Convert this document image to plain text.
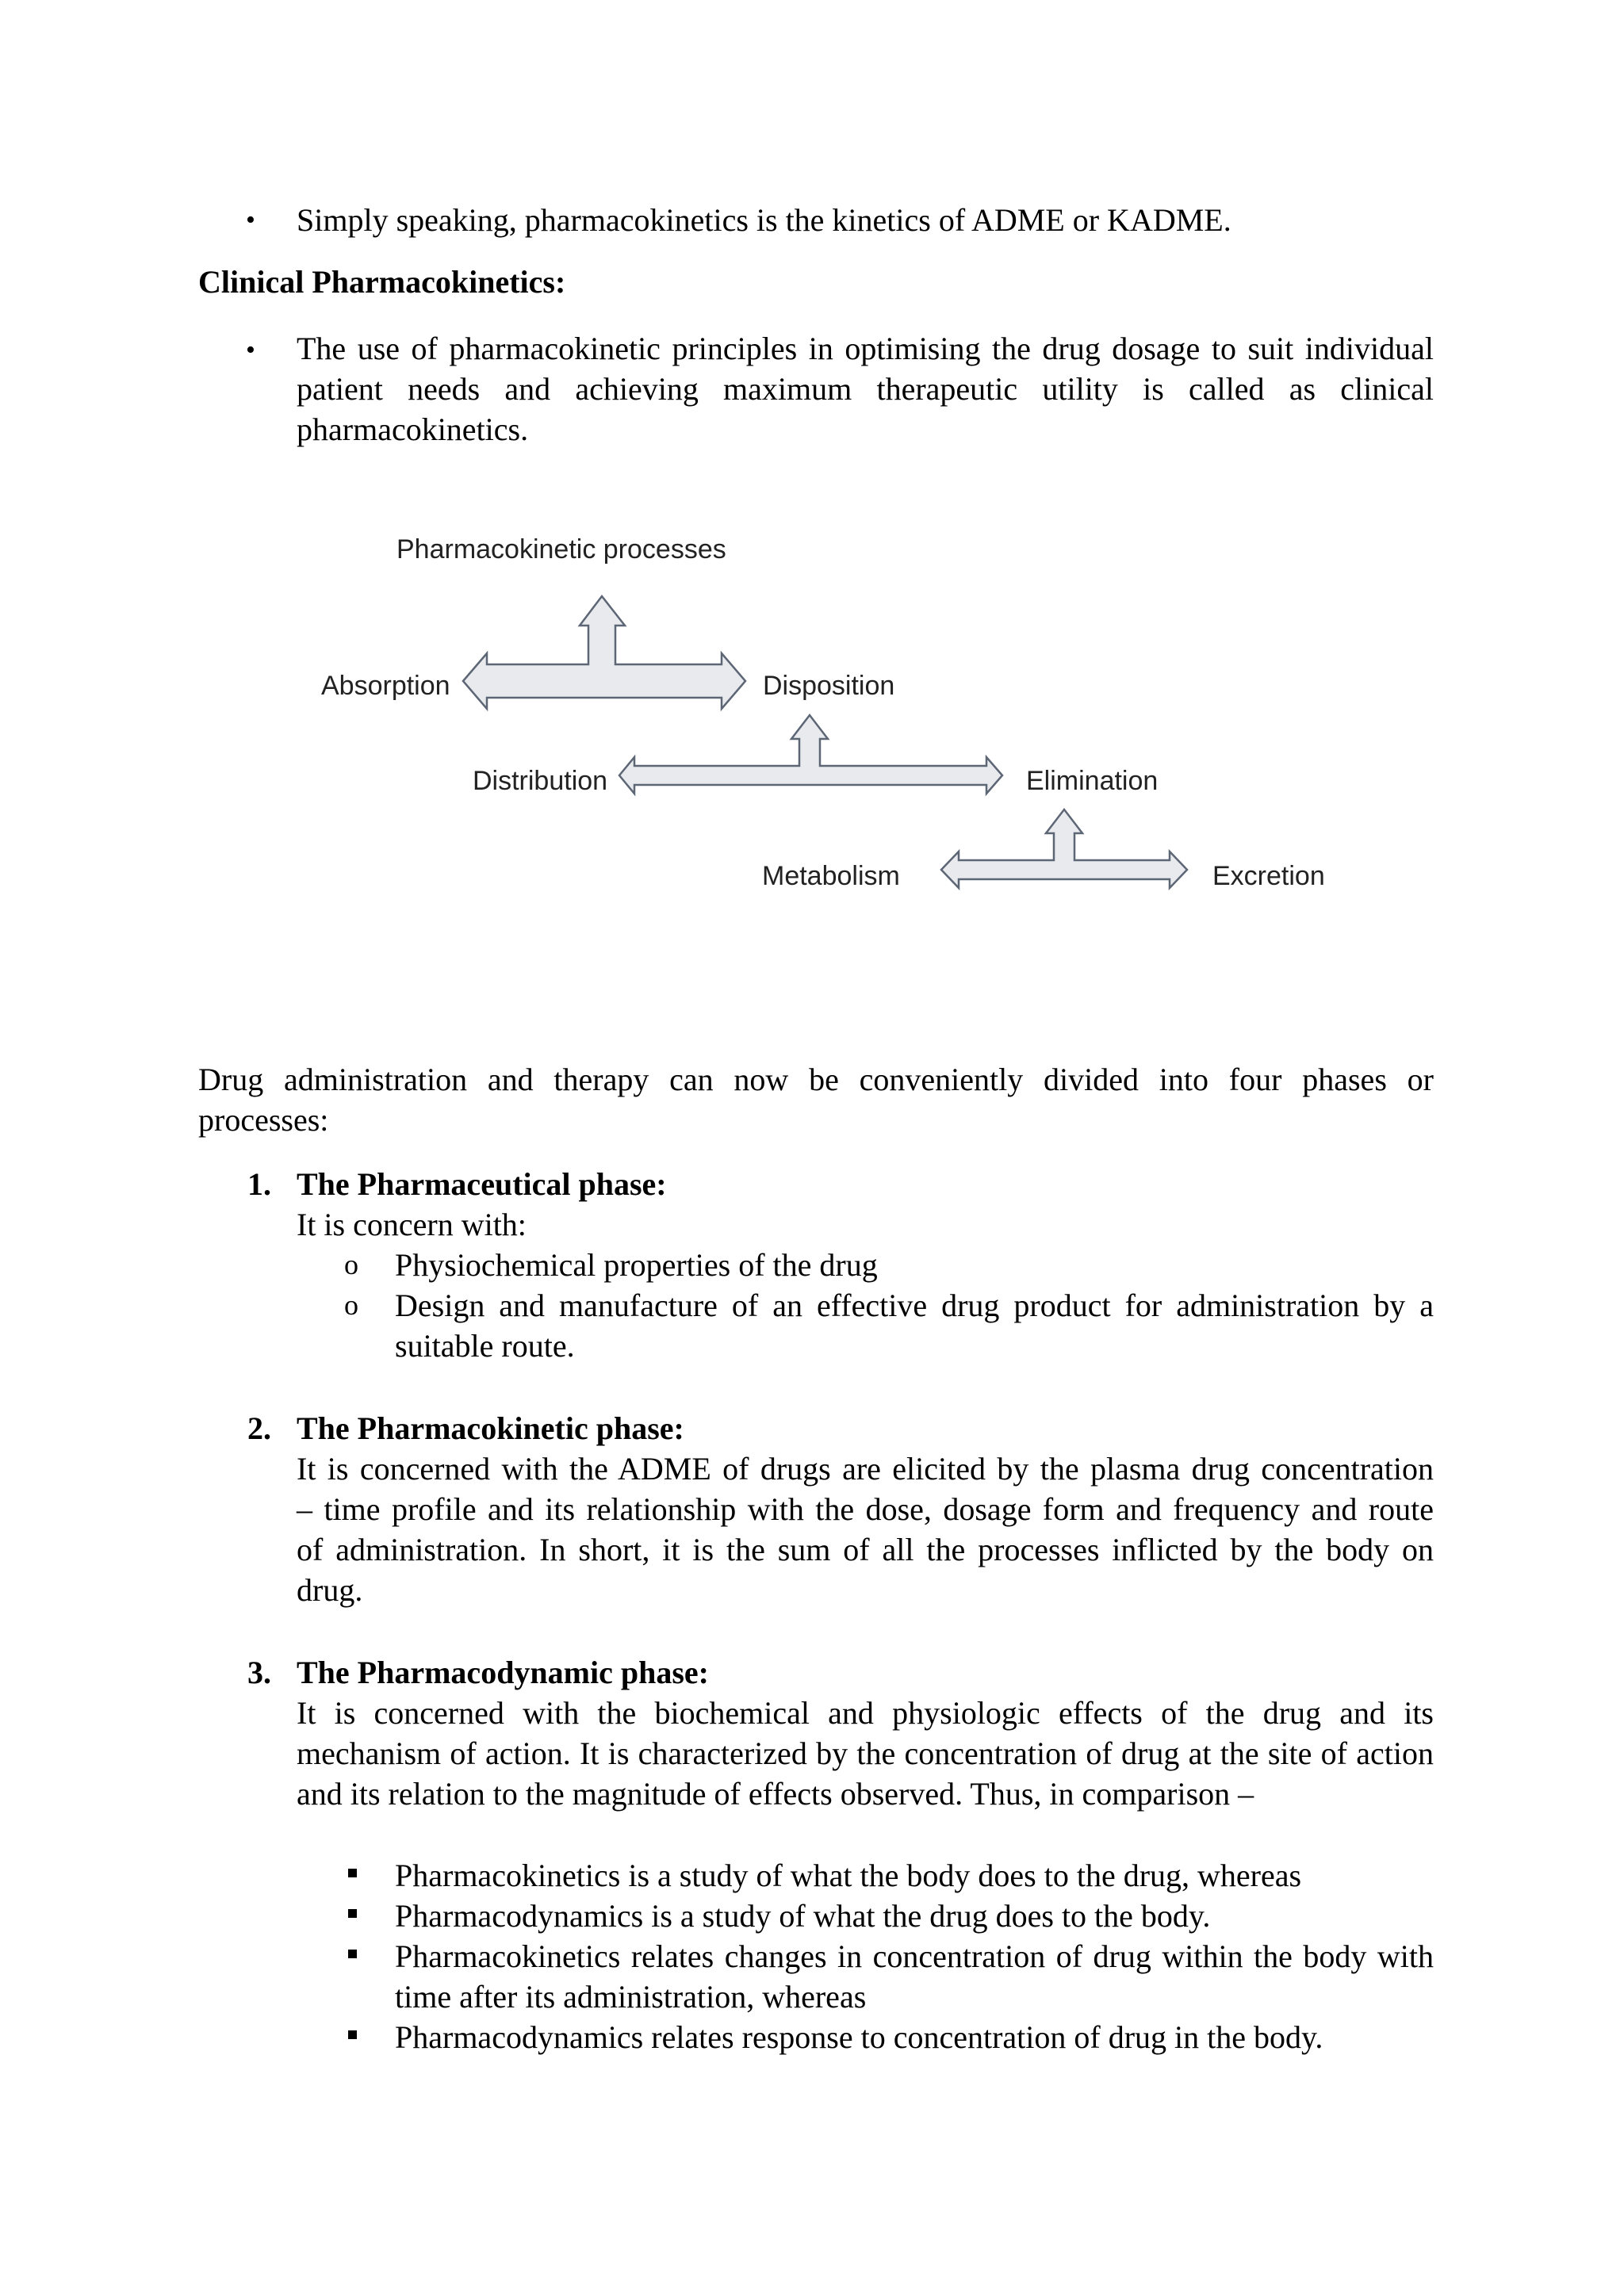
• Simply speaking, pharmacokinetics is the kinetics of ADME or KADME.
Clinical Pharmacokinetics:
• The use of pharmacokinetic principles in optimising the drug dosage to suit individual
patient needs and achieving maximum therapeutic utility is called as clinical
pharmacokinetics.
Pharmacokinetic processes
Absorption	Disposition
Distribution	Elimination
Metabolism	Excretion
Drug administration and therapy can now be conveniently divided into four phases or
processes:
1. The Pharmaceutical phase:
It is concern with:
o Physiochemical properties of the drug
o Design and manufacture of an effective drug product for administration by a
suitable route.
2. The Pharmacokinetic phase:
It is concerned with the ADME of drugs are elicited by the plasma drug concentration
– time profile and its relationship with the dose, dosage form and frequency and route
of administration. In short, it is the sum of all the processes inflicted by the body on
drug.
3. The Pharmacodynamic phase:
It is concerned with the biochemical and physiologic effects of the drug and its
mechanism of action. It is characterized by the concentration of drug at the site of action
and its relation to the magnitude of effects observed. Thus, in comparison –
Pharmacokinetics is a study of what the body does to the drug, whereas
Pharmacodynamics is a study of what the drug does to the body.
Pharmacokinetics relates changes in concentration of drug within the body with
time after its administration, whereas
Pharmacodynamics relates response to concentration of drug in the body.
